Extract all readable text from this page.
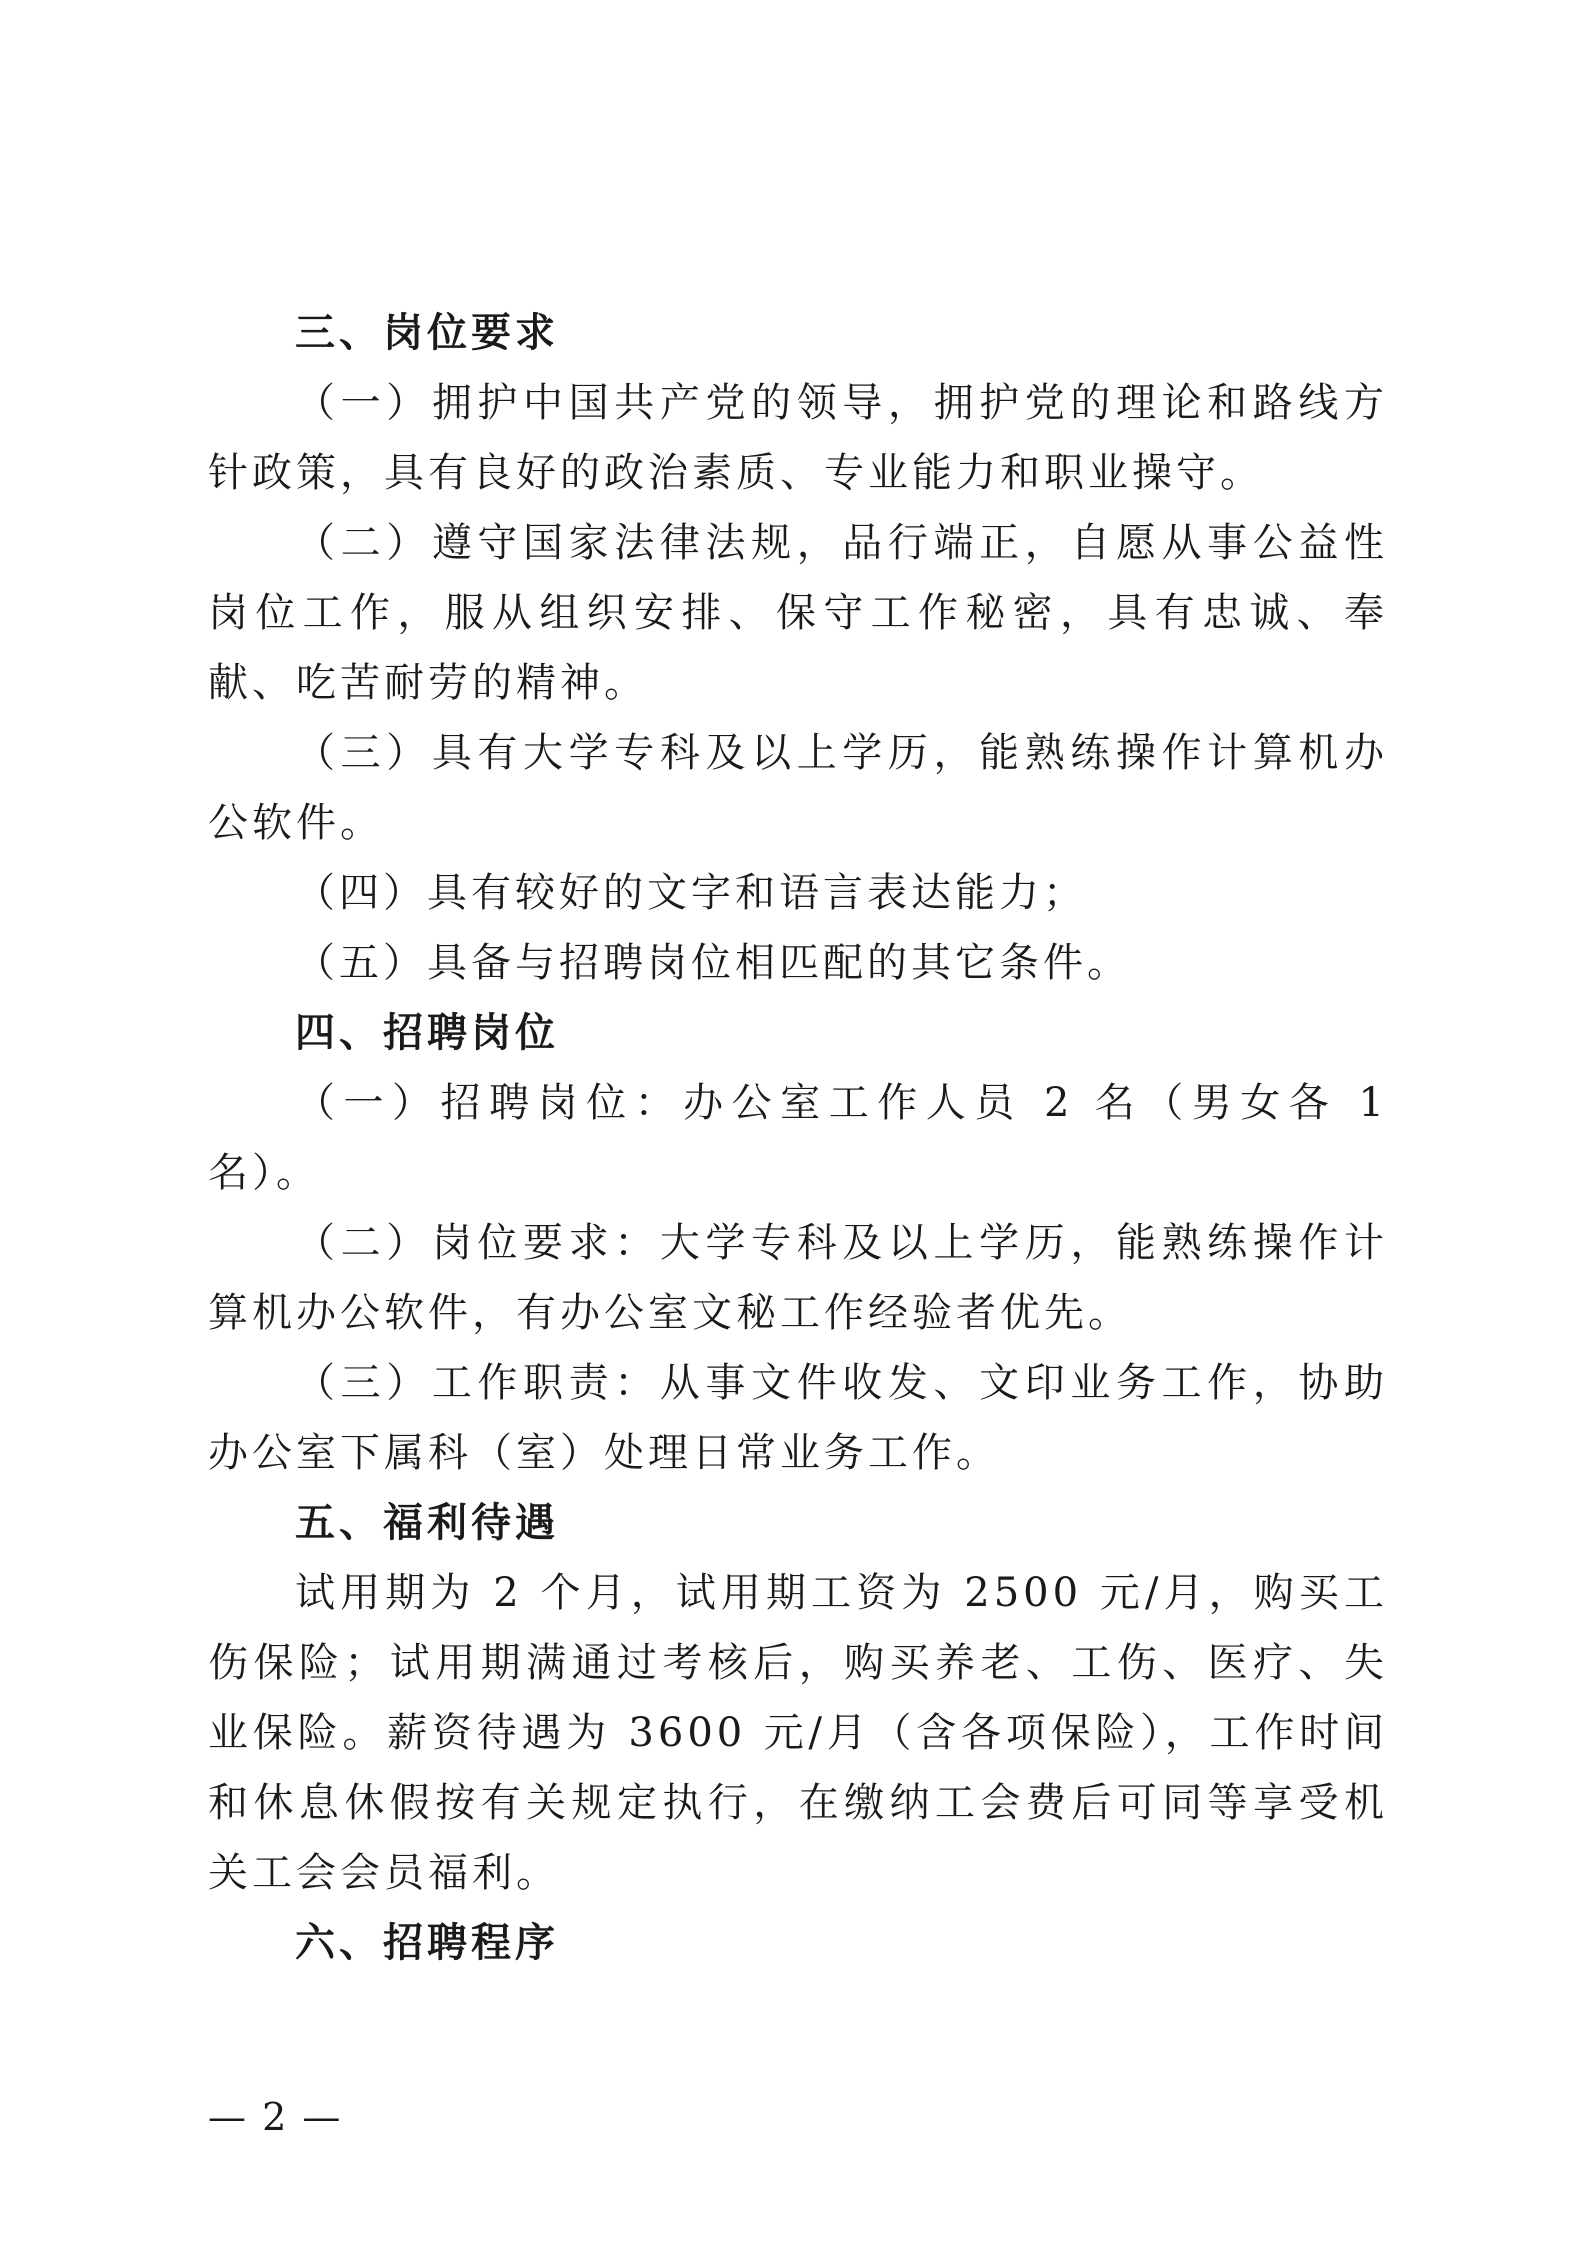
三、岗位要求

（一）拥护中国共产党的领导，拥护党的理论和路线方针政策，具有良好的政治素质、专业能力和职业操守。

（二）遵守国家法律法规，品行端正，自愿从事公益性岗位工作，服从组织安排、保守工作秘密，具有忠诚、奉献、吃苦耐劳的精神。

（三）具有大学专科及以上学历，能熟练操作计算机办公软件。

（四）具有较好的文字和语言表达能力；

（五）具备与招聘岗位相匹配的其它条件。

四、招聘岗位

（一）招聘岗位：办公室工作人员 2 名（男女各 1 名）。

（二）岗位要求：大学专科及以上学历，能熟练操作计算机办公软件，有办公室文秘工作经验者优先。

（三）工作职责：从事文件收发、文印业务工作，协助办公室下属科（室）处理日常业务工作。

五、福利待遇

试用期为 2 个月，试用期工资为 2500 元/月，购买工伤保险；试用期满通过考核后，购买养老、工伤、医疗、失业保险。薪资待遇为 3600 元/月（含各项保险），工作时间和休息休假按有关规定执行，在缴纳工会费后可同等享受机关工会会员福利。

六、招聘程序

— 2 —
